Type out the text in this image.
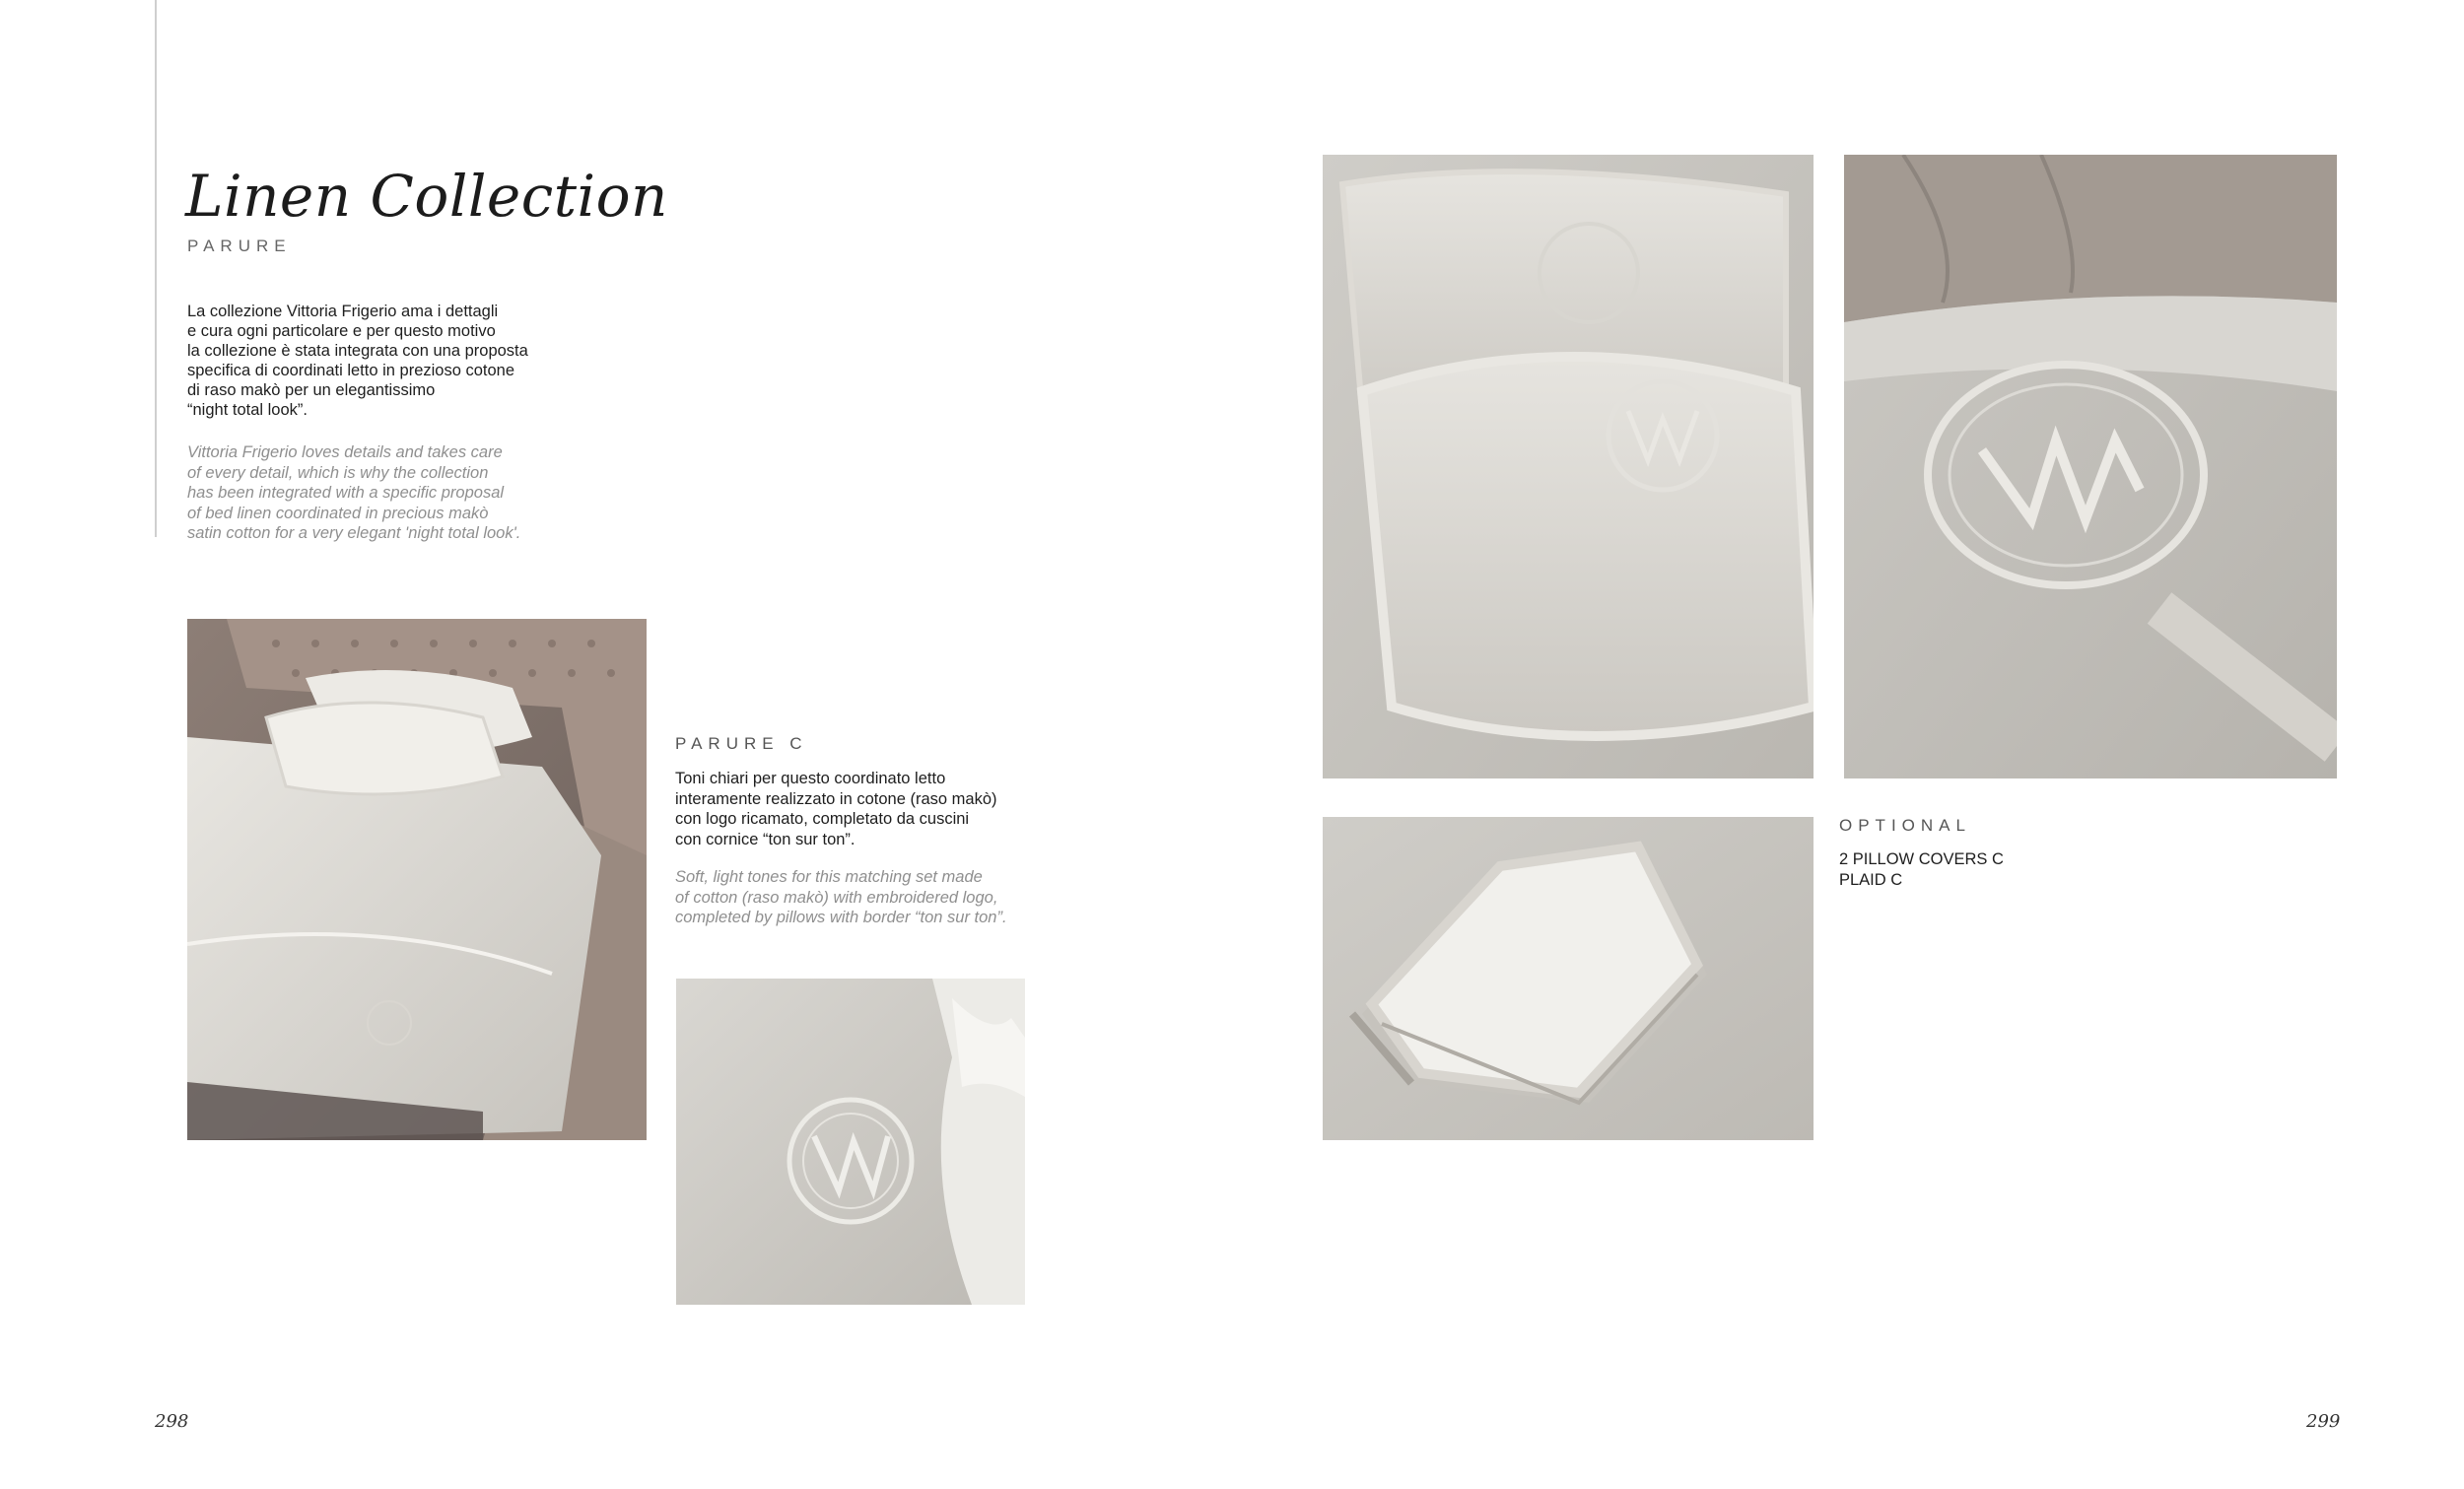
Linen Collection
PARURE
La collezione Vittoria Frigerio ama i dettagli
e cura ogni particolare e per questo motivo
la collezione è stata integrata con una proposta
specifica di coordinati letto in prezioso cotone
di raso makò per un elegantissimo
“night total look”.
Vittoria Frigerio loves details and takes care
of every detail, which is why the collection
has been integrated with a specific proposal
of bed linen coordinated in precious makò
satin cotton for a very elegant 'night total look'.
PARURE C
Toni chiari per questo coordinato letto
interamente realizzato in cotone (raso makò)
con logo ricamato, completato da cuscini
con cornice “ton sur ton”.
Soft, light tones for this matching set made
of cotton (raso makò) with embroidered logo,
completed by pillows with border “ton sur ton”.
OPTIONAL
2 PILLOW COVERS C
PLAID C
298	299
